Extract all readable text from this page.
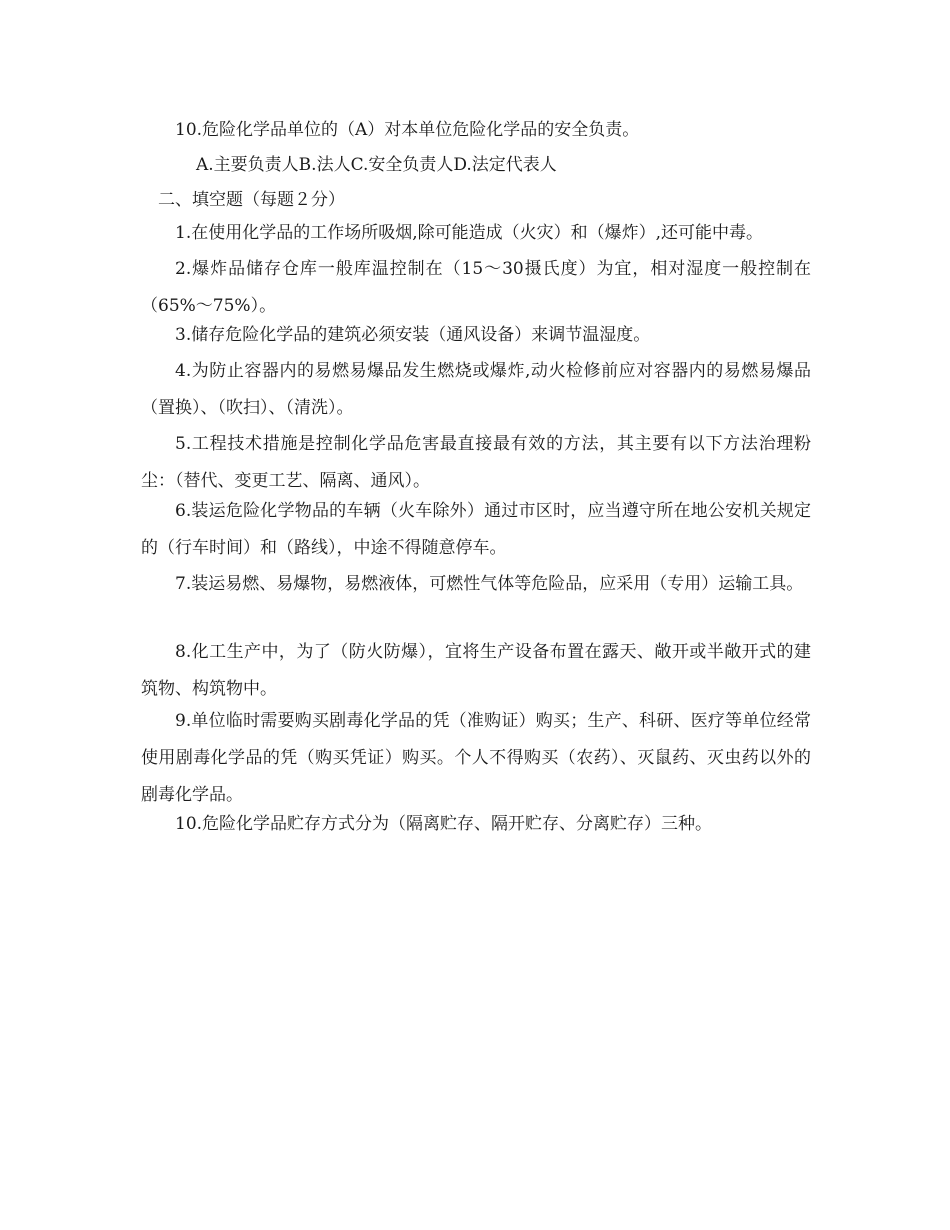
10.危险化学品单位的（A）对本单位危险化学品的安全负责。
A.主要负责人B.法人C.安全负责人D.法定代表人
二、填空题（每题２分）
1.在使用化学品的工作场所吸烟,除可能造成（火灾）和（爆炸）,还可能中毒。
2.爆炸品储存仓库一般库温控制在（15～30摄氏度）为宜，相对湿度一般控制在（65%～75%）。
3.储存危险化学品的建筑必须安装（通风设备）来调节温湿度。
4.为防止容器内的易燃易爆品发生燃烧或爆炸,动火检修前应对容器内的易燃易爆品（置换）、（吹扫）、（清洗）。
5.工程技术措施是控制化学品危害最直接最有效的方法，其主要有以下方法治理粉尘：（替代、变更工艺、隔离、通风）。
6.装运危险化学物品的车辆（火车除外）通过市区时，应当遵守所在地公安机关规定的（行车时间）和（路线），中途不得随意停车。
7.装运易燃、易爆物，易燃液体，可燃性气体等危险品，应采用（专用）运输工具。
8.化工生产中，为了（防火防爆），宜将生产设备布置在露天、敞开或半敞开式的建筑物、构筑物中。
9.单位临时需要购买剧毒化学品的凭（准购证）购买；生产、科研、医疗等单位经常使用剧毒化学品的凭（购买凭证）购买。个人不得购买（农药）、灭鼠药、灭虫药以外的剧毒化学品。
10.危险化学品贮存方式分为（隔离贮存、隔开贮存、分离贮存）三种。
